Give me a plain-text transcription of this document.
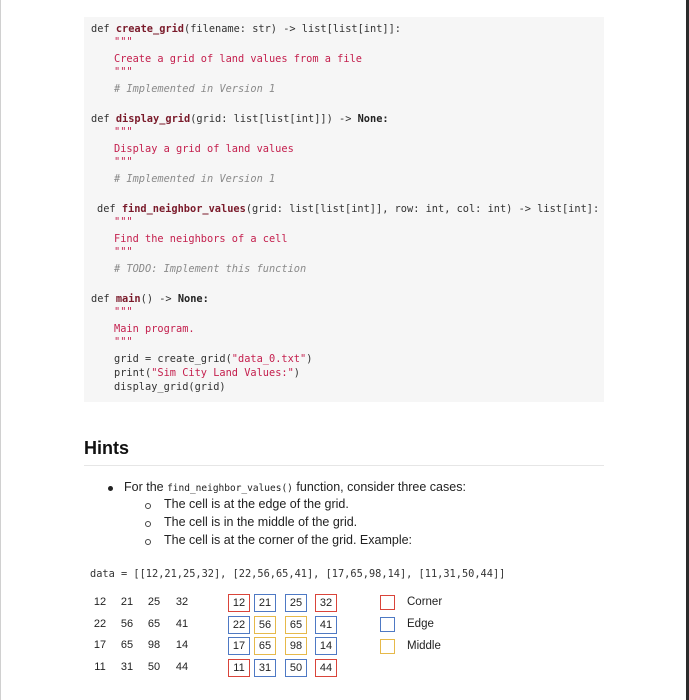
def create_grid(filename: str) -> list[list[int]]:
"""
Create a grid of land values from a file
"""
# Implemented in Version 1
def display_grid(grid: list[list[int]]) -> None:
"""
Display a grid of land values
"""
# Implemented in Version 1
def find_neighbor_values(grid: list[list[int]], row: int, col: int) -> list[int]:
"""
Find the neighbors of a cell
"""
# TODO: Implement this function
def main() -> None:
"""
Main program.
"""
grid = create_grid("data_0.txt")
print("Sim City Land Values:")
display_grid(grid)
Hints
For the find_neighbor_values() function, consider three cases:
The cell is at the edge of the grid.
The cell is in the middle of the grid.
The cell is at the corner of the grid. Example:
data = [[12,21,25,32], [22,56,65,41], [17,65,98,14], [11,31,50,44]]
12	21	25	32
22	56	65	41
17	65	98	14
11	31	50	44
12	21	25	32
22	56	65	41
17	65	98	14
11	31	50	44
Corner
Edge
Middle
